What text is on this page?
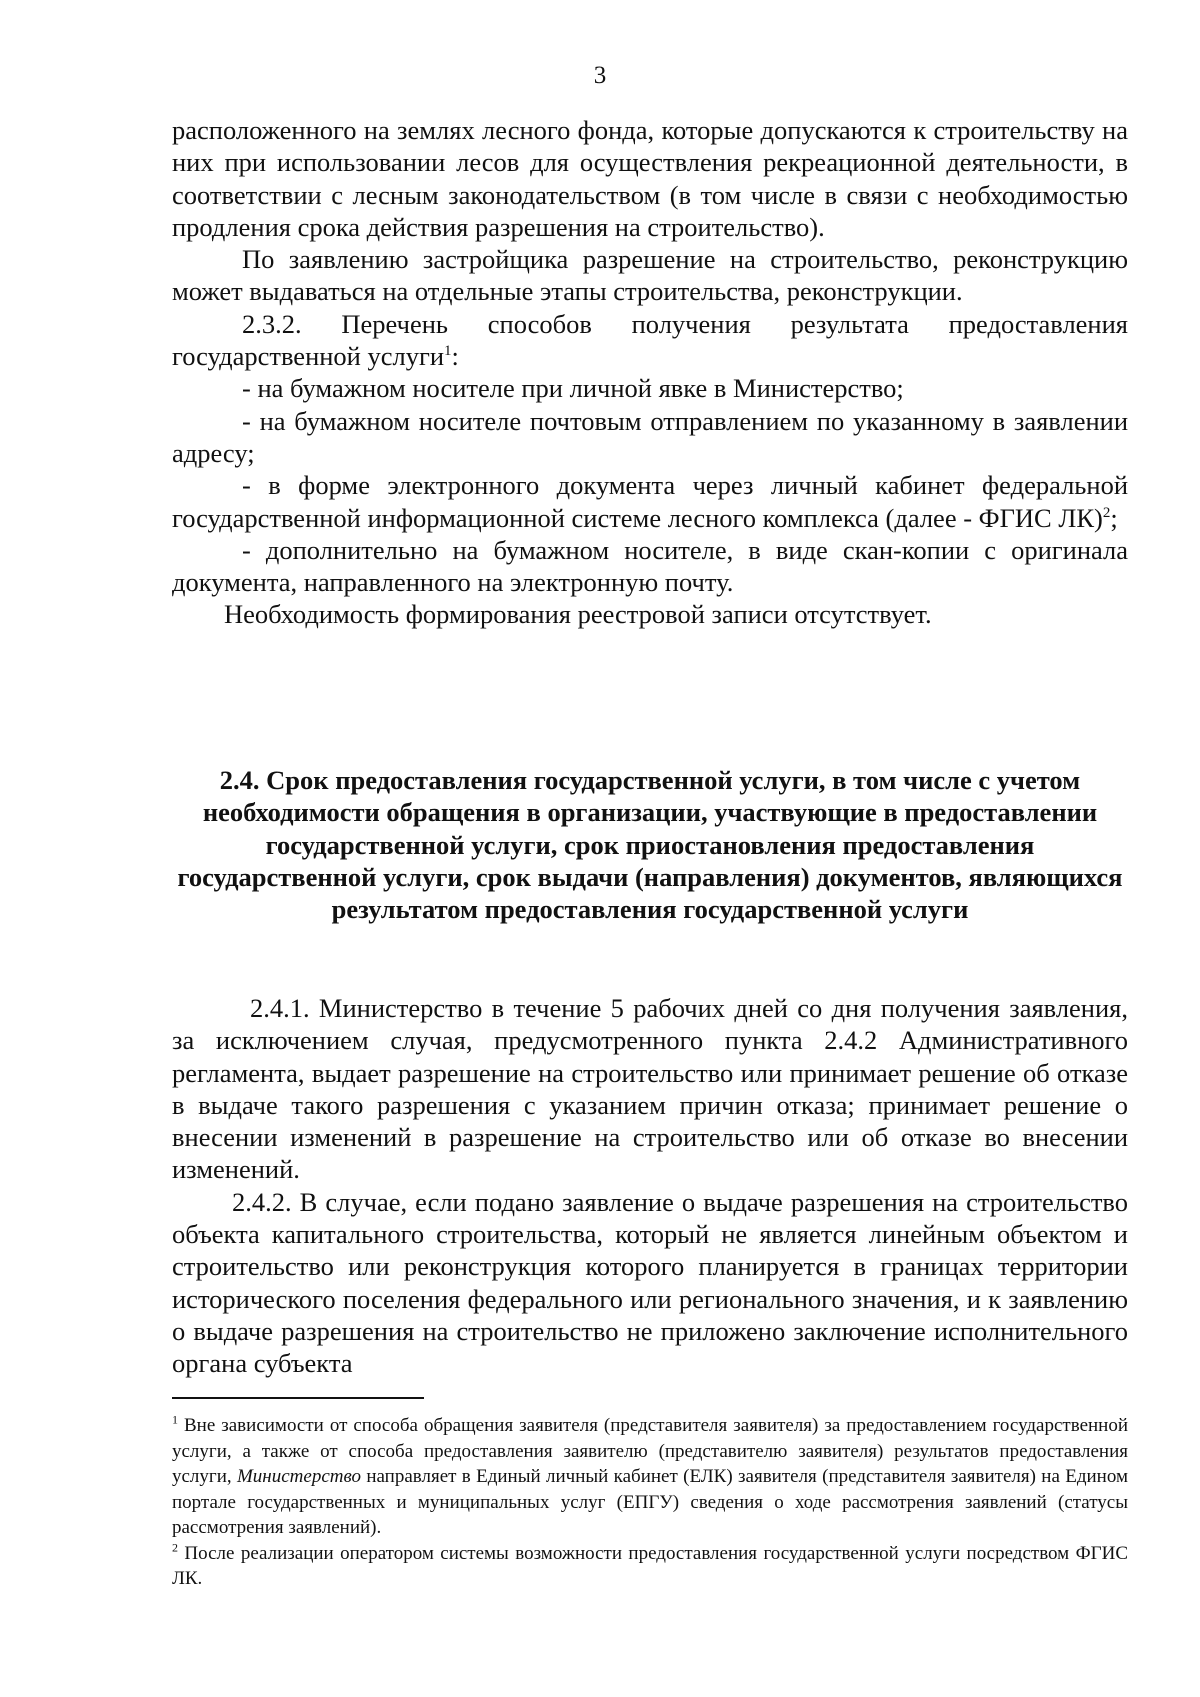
3

расположенного на землях лесного фонда, которые допускаются к строительству на них при использовании лесов для осуществления рекреационной деятельности, в соответствии с лесным законодательством (в том числе в связи с необходимостью продления срока действия разрешения на строительство).

По заявлению застройщика разрешение на строительство, реконструкцию может выдаваться на отдельные этапы строительства, реконструкции.

2.3.2. Перечень способов получения результата предоставления государственной услуги$^1$:

- на бумажном носителе при личной явке в Министерство;

- на бумажном носителе почтовым отправлением по указанному в заявлении адресу;

- в форме электронного документа через личный кабинет федеральной государственной информационной системе лесного комплекса (далее - ФГИС ЛК)$^2$;

- дополнительно на бумажном носителе, в виде скан-копии с оригинала документа, направленного на электронную почту.

Необходимость формирования реестровой записи отсутствует.

2.4. Срок предоставления государственной услуги, в том числе с учетом необходимости обращения в организации, участвующие в предоставлении государственной услуги, срок приостановления предоставления государственной услуги, срок выдачи (направления) документов, являющихся результатом предоставления государственной услуги

2.4.1. Министерство в течение 5 рабочих дней со дня получения заявления, за исключением случая, предусмотренного пункта 2.4.2 Административного регламента, выдает разрешение на строительство или принимает решение об отказе в выдаче такого разрешения с указанием причин отказа; принимает решение о внесении изменений в разрешение на строительство или об отказе во внесении изменений.

2.4.2. В случае, если подано заявление о выдаче разрешения на строительство объекта капитального строительства, который не является линейным объектом и строительство или реконструкция которого планируется в границах территории исторического поселения федерального или регионального значения, и к заявлению о выдаче разрешения на строительство не приложено заключение исполнительного органа субъекта

$^1$ Вне зависимости от способа обращения заявителя (представителя заявителя) за предоставлением государственной услуги, а также от способа предоставления заявителю (представителю заявителя) результатов предоставления услуги, Министерство направляет в Единый личный кабинет (ЕЛК) заявителя (представителя заявителя) на Едином портале государственных и муниципальных услуг (ЕПГУ) сведения о ходе рассмотрения заявлений (статусы рассмотрения заявлений).

$^2$ После реализации оператором системы возможности предоставления государственной услуги посредством ФГИС ЛК.
